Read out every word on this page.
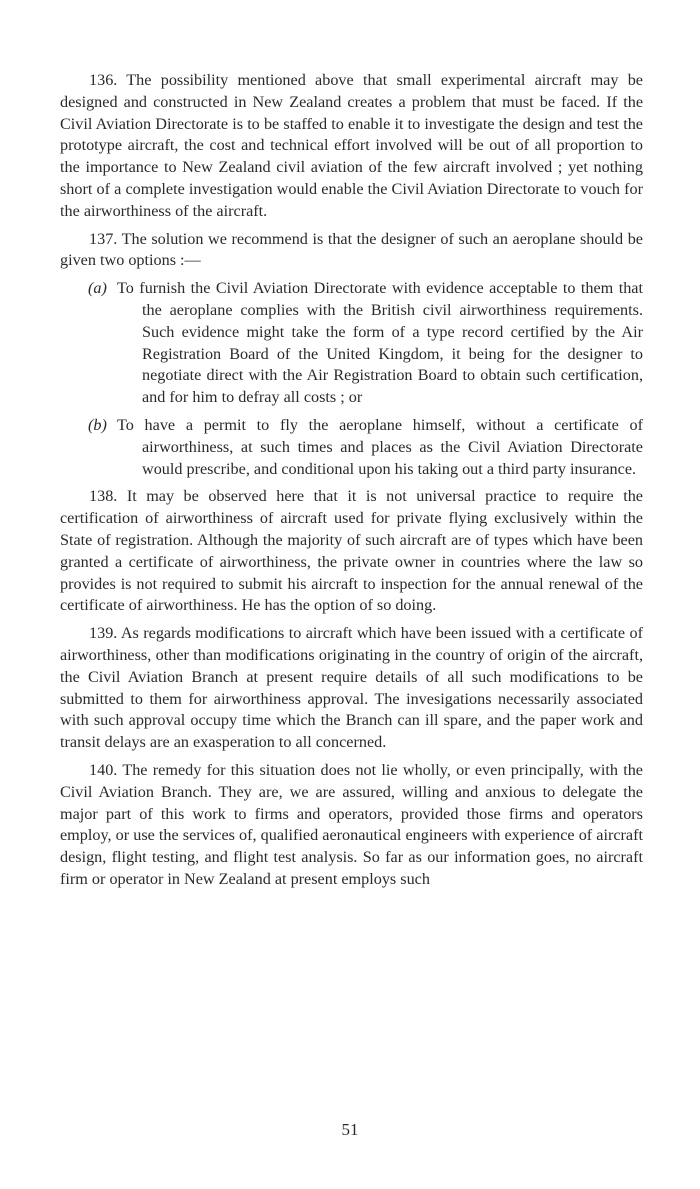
136. The possibility mentioned above that small experimental aircraft may be designed and constructed in New Zealand creates a problem that must be faced. If the Civil Aviation Directorate is to be staffed to enable it to investigate the design and test the prototype aircraft, the cost and technical effort involved will be out of all proportion to the importance to New Zealand civil aviation of the few aircraft involved ; yet nothing short of a complete investigation would enable the Civil Aviation Directorate to vouch for the airworthiness of the aircraft.

137. The solution we recommend is that the designer of such an aeroplane should be given two options :—

(a) To furnish the Civil Aviation Directorate with evidence acceptable to them that the aeroplane complies with the British civil airworthiness requirements. Such evidence might take the form of a type record certified by the Air Registration Board of the United Kingdom, it being for the designer to negotiate direct with the Air Registration Board to obtain such certification, and for him to defray all costs ; or
(b) To have a permit to fly the aeroplane himself, without a certificate of airworthiness, at such times and places as the Civil Aviation Directorate would prescribe, and conditional upon his taking out a third party insurance.

138. It may be observed here that it is not universal practice to require the certification of airworthiness of aircraft used for private flying exclusively within the State of registration. Although the majority of such aircraft are of types which have been granted a certificate of airworthiness, the private owner in countries where the law so provides is not required to submit his aircraft to inspection for the annual renewal of the certificate of airworthiness. He has the option of so doing.

139. As regards modifications to aircraft which have been issued with a certificate of airworthiness, other than modifications originating in the country of origin of the aircraft, the Civil Aviation Branch at present require details of all such modifications to be submitted to them for airworthiness approval. The invesigations necessarily associated with such approval occupy time which the Branch can ill spare, and the paper work and transit delays are an exasperation to all concerned.

140. The remedy for this situation does not lie wholly, or even principally, with the Civil Aviation Branch. They are, we are assured, willing and anxious to delegate the major part of this work to firms and operators, provided those firms and operators employ, or use the services of, qualified aeronautical engineers with experience of aircraft design, flight testing, and flight test analysis. So far as our information goes, no aircraft firm or operator in New Zealand at present employs such

51
